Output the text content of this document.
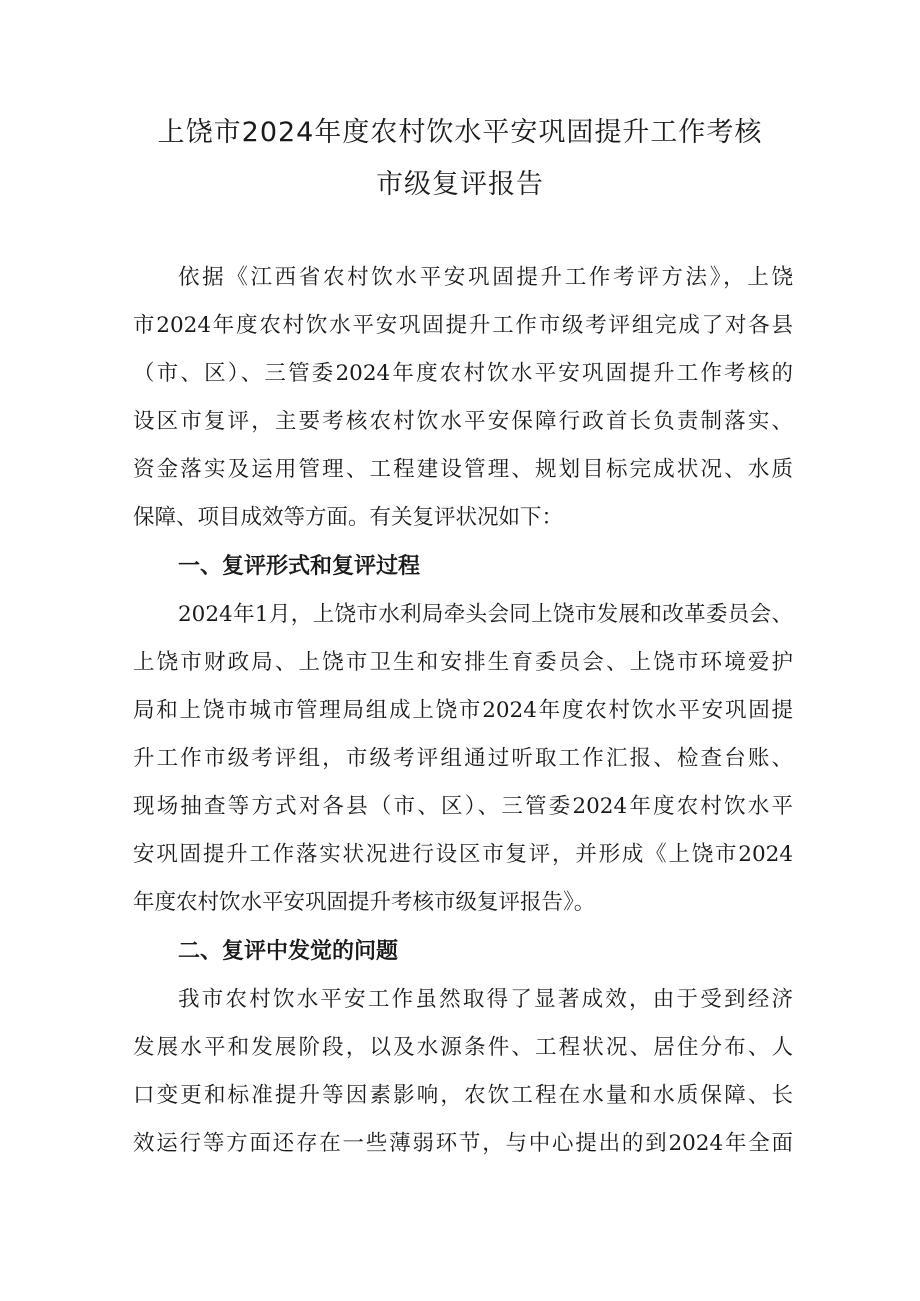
上饶市2024年度农村饮水平安巩固提升工作考核
市级复评报告
依据《江西省农村饮水平安巩固提升工作考评方法》，上饶
市2024年度农村饮水平安巩固提升工作市级考评组完成了对各县
（市、区）、三管委2024年度农村饮水平安巩固提升工作考核的
设区市复评，主要考核农村饮水平安保障行政首长负责制落实、
资金落实及运用管理、工程建设管理、规划目标完成状况、水质
保障、项目成效等方面。有关复评状况如下：
一、复评形式和复评过程
2024年1月，上饶市水利局牵头会同上饶市发展和改革委员会、
上饶市财政局、上饶市卫生和安排生育委员会、上饶市环境爱护
局和上饶市城市管理局组成上饶市2024年度农村饮水平安巩固提
升工作市级考评组，市级考评组通过听取工作汇报、检查台账、
现场抽查等方式对各县（市、区）、三管委2024年度农村饮水平
安巩固提升工作落实状况进行设区市复评，并形成《上饶市2024
年度农村饮水平安巩固提升考核市级复评报告》。
二、复评中发觉的问题
我市农村饮水平安工作虽然取得了显著成效，由于受到经济
发展水平和发展阶段，以及水源条件、工程状况、居住分布、人
口变更和标准提升等因素影响，农饮工程在水量和水质保障、长
效运行等方面还存在一些薄弱环节，与中心提出的到2024年全面
